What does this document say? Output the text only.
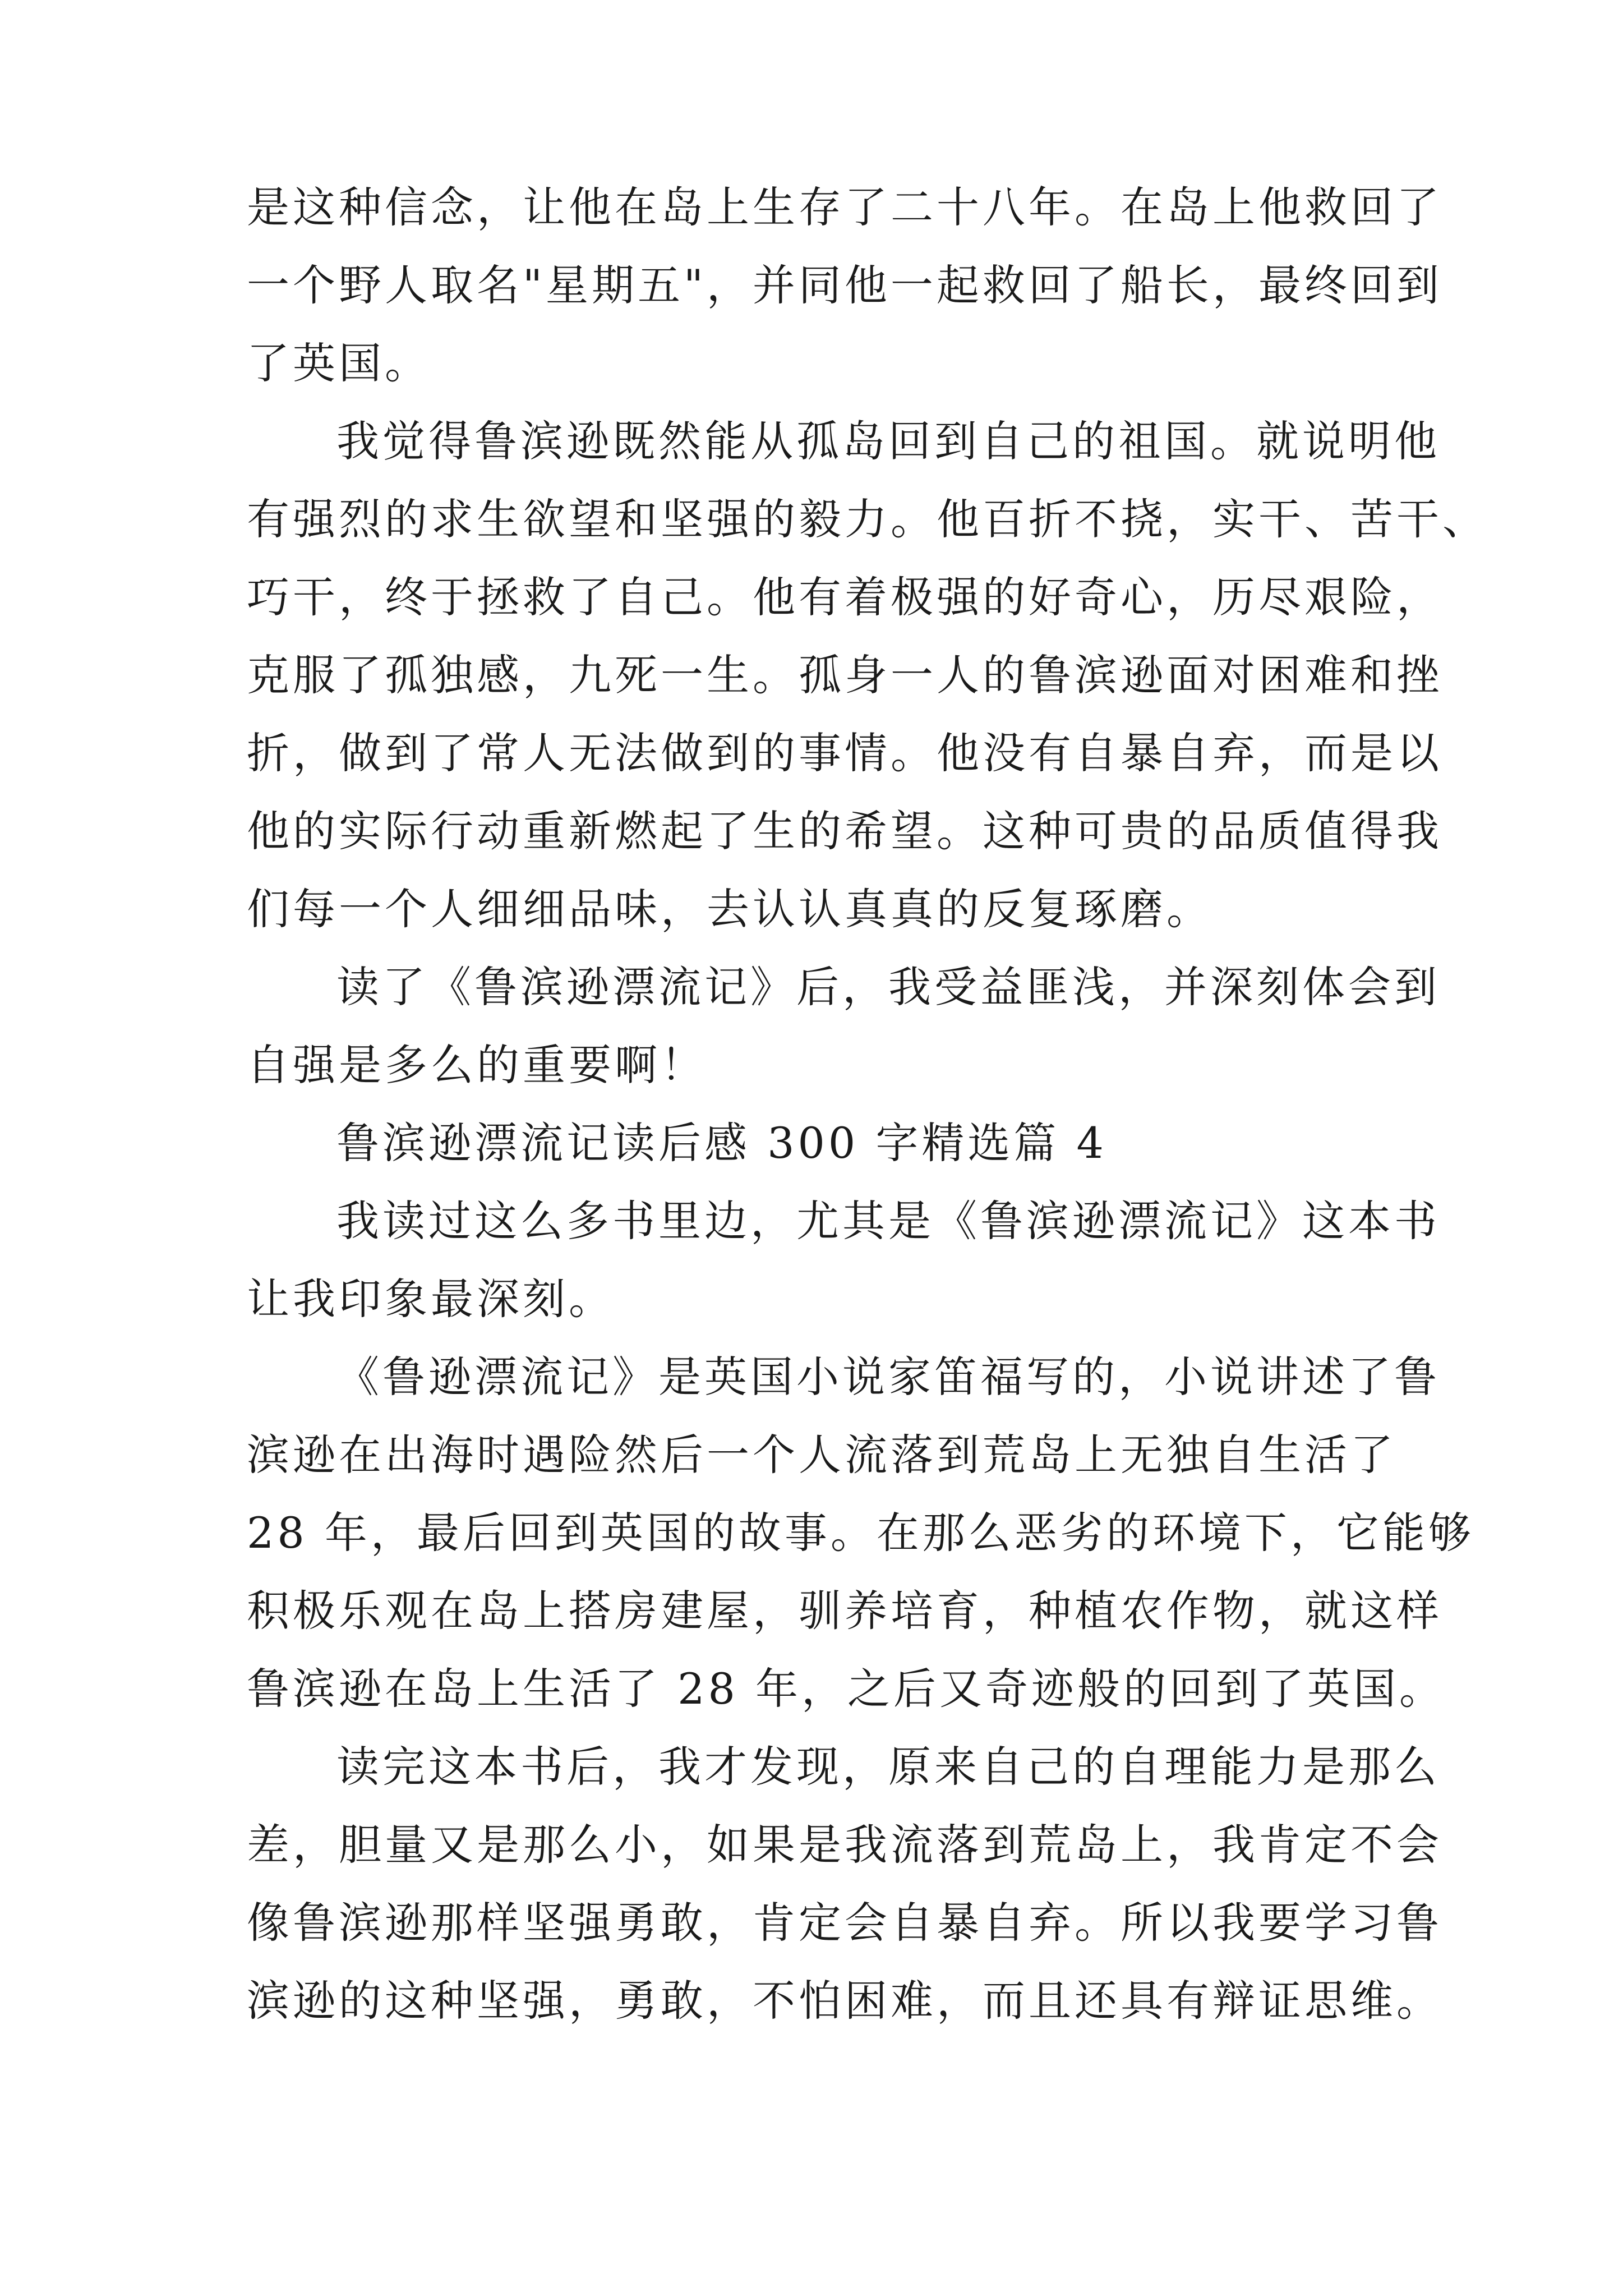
是这种信念，让他在岛上生存了二十八年。在岛上他救回了
一个野人取名"星期五"，并同他一起救回了船长，最终回到
了英国。
我觉得鲁滨逊既然能从孤岛回到自己的祖国。就说明他
有强烈的求生欲望和坚强的毅力。他百折不挠，实干、苦干、
巧干，终于拯救了自己。他有着极强的好奇心，历尽艰险，
克服了孤独感，九死一生。孤身一人的鲁滨逊面对困难和挫
折，做到了常人无法做到的事情。他没有自暴自弃，而是以
他的实际行动重新燃起了生的希望。这种可贵的品质值得我
们每一个人细细品味，去认认真真的反复琢磨。
读了《鲁滨逊漂流记》后，我受益匪浅，并深刻体会到
自强是多么的重要啊！
鲁滨逊漂流记读后感 300 字精选篇 4
我读过这么多书里边，尤其是《鲁滨逊漂流记》这本书
让我印象最深刻。
《鲁逊漂流记》是英国小说家笛福写的，小说讲述了鲁
滨逊在出海时遇险然后一个人流落到荒岛上无独自生活了
28 年，最后回到英国的故事。在那么恶劣的环境下，它能够
积极乐观在岛上搭房建屋，驯养培育，种植农作物，就这样
鲁滨逊在岛上生活了 28 年，之后又奇迹般的回到了英国。
读完这本书后，我才发现，原来自己的自理能力是那么
差，胆量又是那么小，如果是我流落到荒岛上，我肯定不会
像鲁滨逊那样坚强勇敢，肯定会自暴自弃。所以我要学习鲁
滨逊的这种坚强，勇敢，不怕困难，而且还具有辩证思维。
